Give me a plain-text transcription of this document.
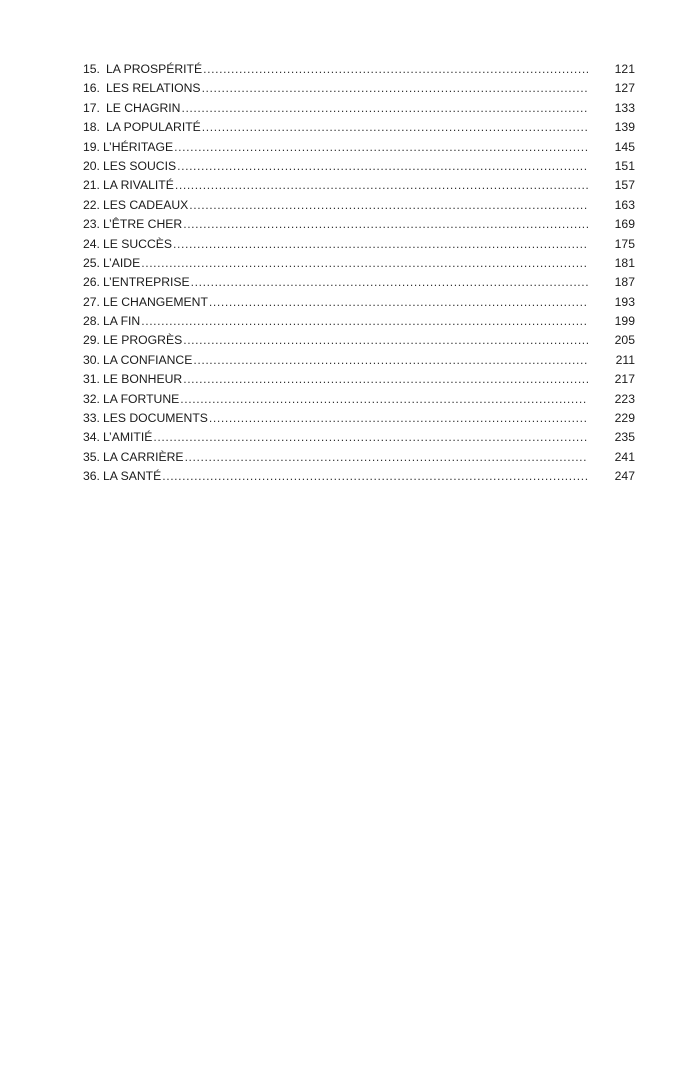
15. LA PROSPÉRITÉ .....	121
16. LES RELATIONS .....	127
17. LE CHAGRIN .....	133
18. LA POPULARITÉ .....	139
19. L’HÉRITAGE .....	145
20. LES SOUCIS .....	151
21. LA RIVALITÉ .....	157
22. LES CADEAUX .....	163
23. L’ÊTRE CHER .....	169
24. LE SUCCÈS .....	175
25. L’AIDE .....	181
26. L’ENTREPRISE .....	187
27. LE CHANGEMENT .....	193
28. LA FIN .....	199
29. LE PROGRÈS .....	205
30. LA CONFIANCE .....	211
31. LE BONHEUR .....	217
32. LA FORTUNE .....	223
33. LES DOCUMENTS .....	229
34. L’AMITIÉ .....	235
35. LA CARRIÈRE .....	241
36. LA SANTÉ .....	247
